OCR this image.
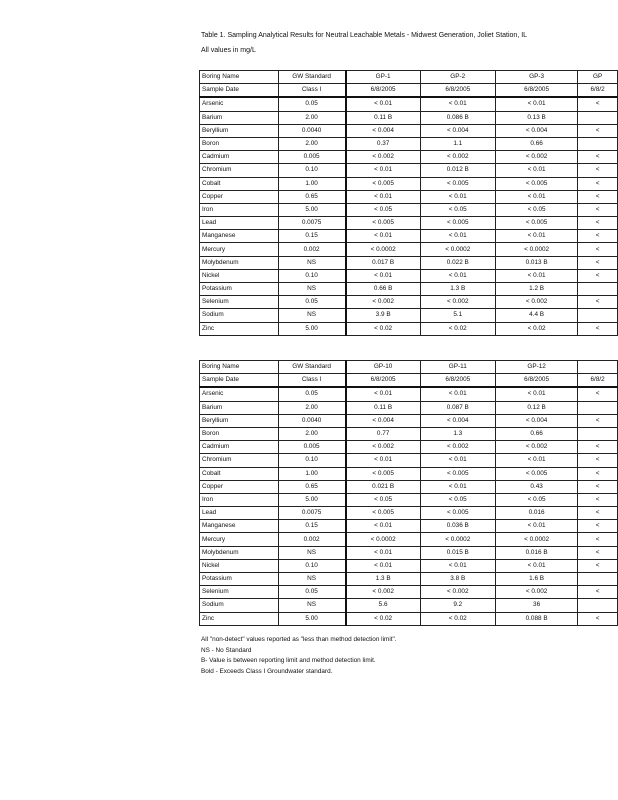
Table 1. Sampling Analytical Results for Neutral Leachable Metals - Midwest Generation, Joliet Station, IL
All values in mg/L
Boring Name	GW Standard	GP-1	GP-2	GP-3	GP
Sample Date	Class I	6/8/2005	6/8/2005	6/8/2005	6/8/2
Arsenic	0.05	< 0.01	< 0.01	< 0.01	<
Barium	2.00	0.11 B	0.086 B	0.13 B	
Beryllium	0.0040	< 0.004	< 0.004	< 0.004	<
Boron	2.00	0.37	1.1	0.66	
Cadmium	0.005	< 0.002	< 0.002	< 0.002	<
Chromium	0.10	< 0.01	0.012 B	< 0.01	<
Cobalt	1.00	< 0.005	< 0.005	< 0.005	<
Copper	0.65	< 0.01	< 0.01	< 0.01	<
Iron	5.00	< 0.05	< 0.05	< 0.05	<
Lead	0.0075	< 0.005	< 0.005	< 0.005	<
Manganese	0.15	< 0.01	< 0.01	< 0.01	<
Mercury	0.002	< 0.0002	< 0.0002	< 0.0002	<
Molybdenum	NS	0.017 B	0.022 B	0.013 B	<
Nickel	0.10	< 0.01	< 0.01	< 0.01	<
Potassium	NS	0.66 B	1.3 B	1.2 B	
Selenium	0.05	< 0.002	< 0.002	< 0.002	<
Sodium	NS	3.9 B	5.1	4.4 B	
Zinc	5.00	< 0.02	< 0.02	< 0.02	<
Boring Name	GW Standard	GP-10	GP-11	GP-12	
Sample Date	Class I	6/8/2005	6/8/2005	6/8/2005	6/8/2
Arsenic	0.05	< 0.01	< 0.01	< 0.01	<
Barium	2.00	0.11 B	0.087 B	0.12 B	
Beryllium	0.0040	< 0.004	< 0.004	< 0.004	<
Boron	2.00	0.77	1.3	0.66	
Cadmium	0.005	< 0.002	< 0.002	< 0.002	<
Chromium	0.10	< 0.01	< 0.01	< 0.01	<
Cobalt	1.00	< 0.005	< 0.005	< 0.005	<
Copper	0.65	0.021 B	< 0.01	0.43	<
Iron	5.00	< 0.05	< 0.05	< 0.05	<
Lead	0.0075	< 0.005	< 0.005	0.016	<
Manganese	0.15	< 0.01	0.036 B	< 0.01	<
Mercury	0.002	< 0.0002	< 0.0002	< 0.0002	<
Molybdenum	NS	< 0.01	0.015 B	0.016 B	<
Nickel	0.10	< 0.01	< 0.01	< 0.01	<
Potassium	NS	1.3 B	3.8 B	1.6 B	
Selenium	0.05	< 0.002	< 0.002	< 0.002	<
Sodium	NS	5.6	9.2	36	
Zinc	5.00	< 0.02	< 0.02	0.088 B	<
All "non-detect" values reported as "less than method detection limit".
NS - No Standard
B- Value is between reporting limit and method detection limit.
Bold - Exceeds Class I Groundwater standard.
